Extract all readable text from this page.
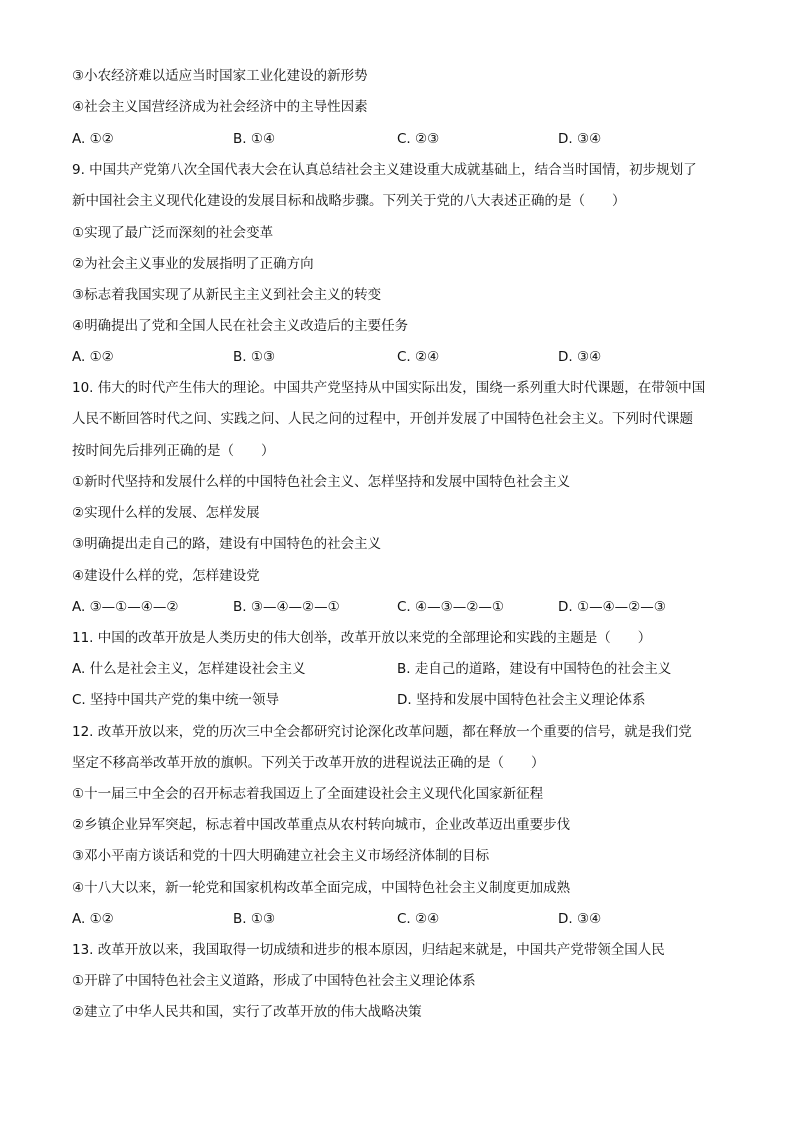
③小农经济难以适应当时国家工业化建设的新形势
④社会主义国营经济成为社会经济中的主导性因素
A. ①②	B. ①④	C. ②③	D. ③④
9. 中国共产党第八次全国代表大会在认真总结社会主义建设重大成就基础上，结合当时国情，初步规划了
新中国社会主义现代化建设的发展目标和战略步骤。下列关于党的八大表述正确的是（　　）
①实现了最广泛而深刻的社会变革
②为社会主义事业的发展指明了正确方向
③标志着我国实现了从新民主主义到社会主义的转变
④明确提出了党和全国人民在社会主义改造后的主要任务
A. ①②	B. ①③	C. ②④	D. ③④
10. 伟大的时代产生伟大的理论。中国共产党坚持从中国实际出发，围绕一系列重大时代课题，在带领中国
人民不断回答时代之问、实践之问、人民之问的过程中，开创并发展了中国特色社会主义。下列时代课题
按时间先后排列正确的是（　　）
①新时代坚持和发展什么样的中国特色社会主义、怎样坚持和发展中国特色社会主义
②实现什么样的发展、怎样发展
③明确提出走自己的路，建设有中国特色的社会主义
④建设什么样的党，怎样建设党
A. ③—①—④—②	B. ③—④—②—①	C. ④—③—②—①	D. ①—④—②—③
11. 中国的改革开放是人类历史的伟大创举，改革开放以来党的全部理论和实践的主题是（　　）
A. 什么是社会主义，怎样建设社会主义	B. 走自己的道路，建设有中国特色的社会主义
C. 坚持中国共产党的集中统一领导	D. 坚持和发展中国特色社会主义理论体系
12. 改革开放以来，党的历次三中全会都研究讨论深化改革问题，都在释放一个重要的信号，就是我们党
坚定不移高举改革开放的旗帜。下列关于改革开放的进程说法正确的是（　　）
①十一届三中全会的召开标志着我国迈上了全面建设社会主义现代化国家新征程
②乡镇企业异军突起，标志着中国改革重点从农村转向城市，企业改革迈出重要步伐
③邓小平南方谈话和党的十四大明确建立社会主义市场经济体制的目标
④十八大以来，新一轮党和国家机构改革全面完成，中国特色社会主义制度更加成熟
A. ①②	B. ①③	C. ②④	D. ③④
13. 改革开放以来，我国取得一切成绩和进步的根本原因，归结起来就是，中国共产党带领全国人民
①开辟了中国特色社会主义道路，形成了中国特色社会主义理论体系
②建立了中华人民共和国，实行了改革开放的伟大战略决策
